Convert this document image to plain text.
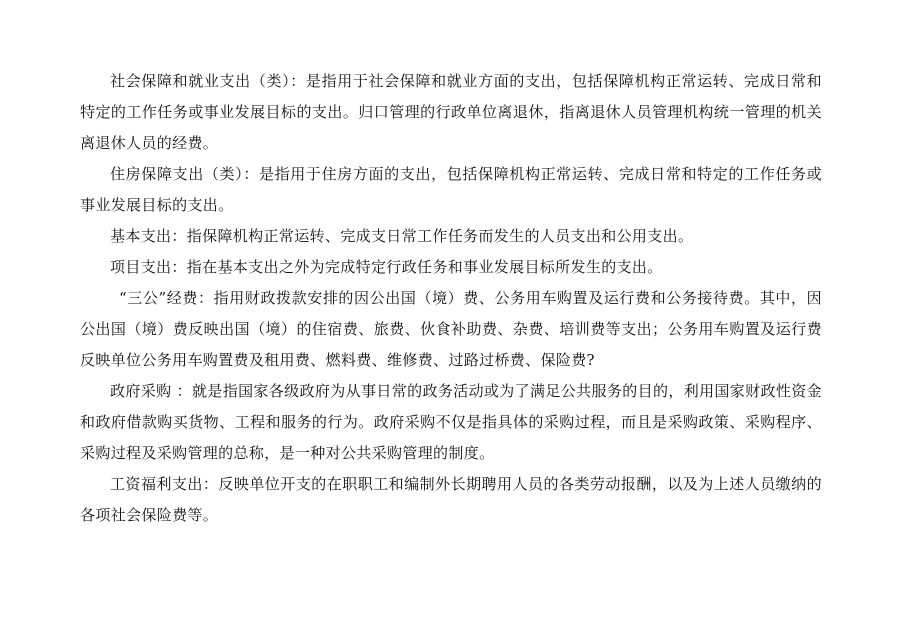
社会保障和就业支出（类）：是指用于社会保障和就业方面的支出，包括保障机构正常运转、完成日常和特定的工作任务或事业发展目标的支出。归口管理的行政单位离退休，指离退休人员管理机构统一管理的机关离退休人员的经费。

住房保障支出（类）：是指用于住房方面的支出，包括保障机构正常运转、完成日常和特定的工作任务或事业发展目标的支出。

基本支出：指保障机构正常运转、完成支日常工作任务而发生的人员支出和公用支出。

项目支出：指在基本支出之外为完成特定行政任务和事业发展目标所发生的支出。

“三公”经费：指用财政拨款安排的因公出国（境）费、公务用车购置及运行费和公务接待费。其中，因公出国（境）费反映出国（境）的住宿费、旅费、伙食补助费、杂费、培训费等支出；公务用车购置及运行费反映单位公务用车购置费及租用费、燃料费、维修费、过路过桥费、保险费?

政府采购 ：就是指国家各级政府为从事日常的政务活动或为了满足公共服务的目的，利用国家财政性资金和政府借款购买货物、工程和服务的行为。政府采购不仅是指具体的采购过程，而且是采购政策、采购程序、采购过程及采购管理的总称，是一种对公共采购管理的制度。

工资福利支出：反映单位开支的在职职工和编制外长期聘用人员的各类劳动报酬，以及为上述人员缴纳的各项社会保险费等。
